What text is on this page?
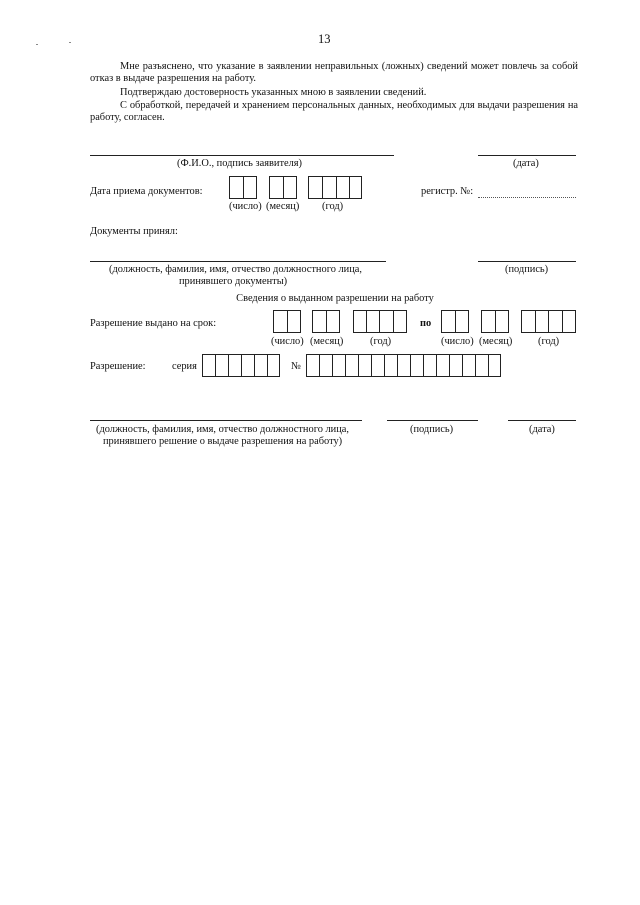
13
Мне разъяснено, что указание в заявлении неправильных (ложных) сведений может повлечь за собой отказ в выдаче разрешения на работу.
Подтверждаю достоверность указанных мною в заявлении сведений.
С обработкой, передачей и хранением персональных данных, необходимых для выдачи разрешения на работу, согласен.
(Ф.И.О., подпись заявителя)	(дата)
Дата приема документов:
(число) (месяц) (год)
регистр. №:
Документы принял:
(должность, фамилия, имя, отчество должностного лица,
принявшего документы)
(подпись)
Сведения о выданном разрешении на работу
Разрешение выдано на срок:	по
(число) (месяц)	(год)	(число) (месяц) (год)
Разрешение:	серия	№
(должность, фамилия, имя, отчество должностного лица,
принявшего решение о выдаче разрешения на работу)
(подпись)	(дата)
